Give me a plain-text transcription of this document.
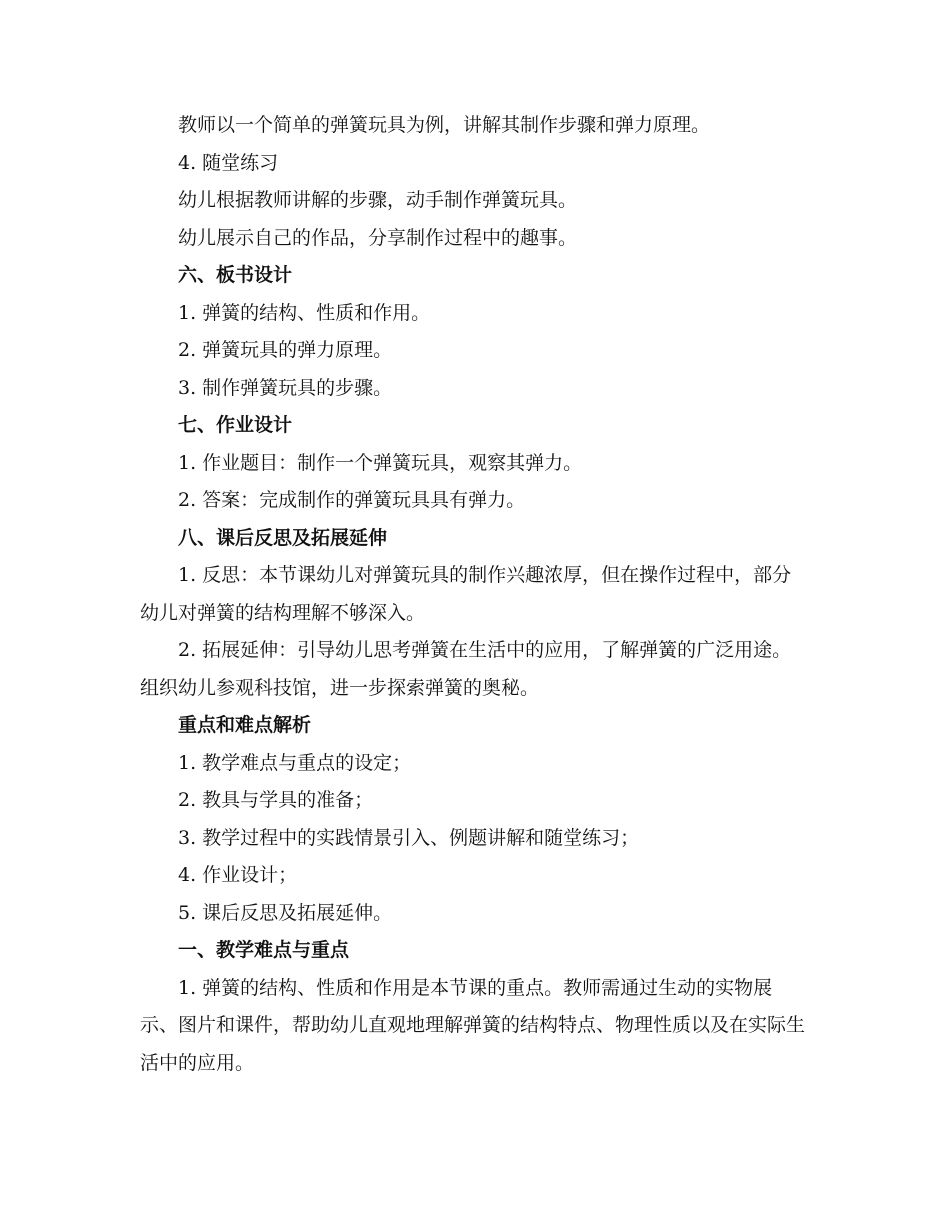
教师以一个简单的弹簧玩具为例，讲解其制作步骤和弹力原理。

4. 随堂练习

幼儿根据教师讲解的步骤，动手制作弹簧玩具。

幼儿展示自己的作品，分享制作过程中的趣事。

六、板书设计

1. 弹簧的结构、性质和作用。

2. 弹簧玩具的弹力原理。

3. 制作弹簧玩具的步骤。

七、作业设计

1. 作业题目：制作一个弹簧玩具，观察其弹力。

2. 答案：完成制作的弹簧玩具具有弹力。

八、课后反思及拓展延伸

1. 反思：本节课幼儿对弹簧玩具的制作兴趣浓厚，但在操作过程中，部分幼儿对弹簧的结构理解不够深入。

2. 拓展延伸：引导幼儿思考弹簧在生活中的应用，了解弹簧的广泛用途。组织幼儿参观科技馆，进一步探索弹簧的奥秘。

重点和难点解析

1. 教学难点与重点的设定；

2. 教具与学具的准备；

3. 教学过程中的实践情景引入、例题讲解和随堂练习；

4. 作业设计；

5. 课后反思及拓展延伸。

一、教学难点与重点

1. 弹簧的结构、性质和作用是本节课的重点。教师需通过生动的实物展示、图片和课件，帮助幼儿直观地理解弹簧的结构特点、物理性质以及在实际生活中的应用。
